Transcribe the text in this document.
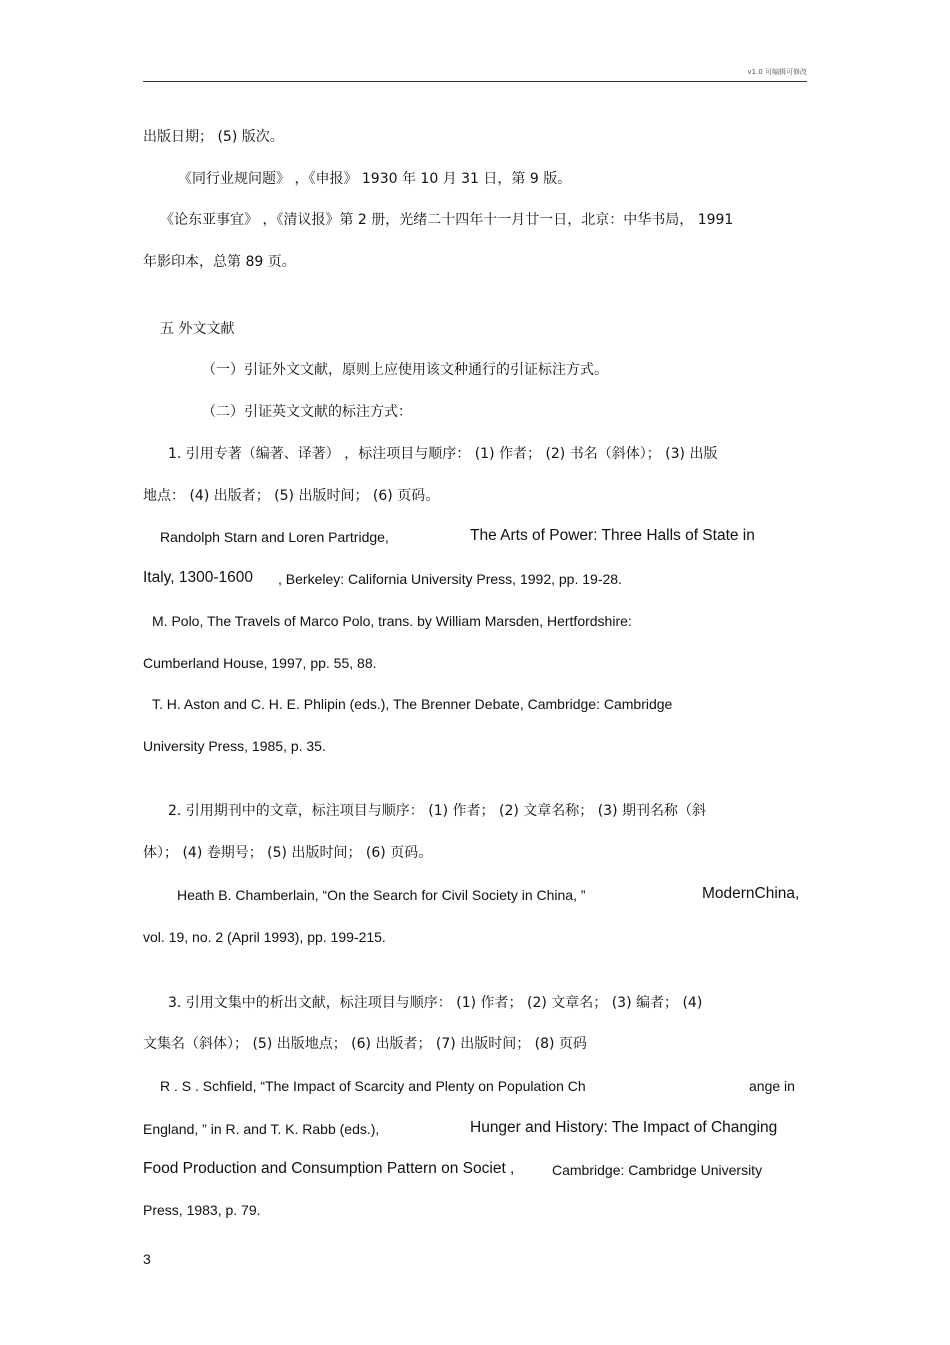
v1.0 可编辑可修改
出版日期； (5) 版次。
《同行业规问题》 ，《申报》 1930 年 10 月 31 日，第 9 版。
《论东亚事宜》 ，《清议报》第 2 册，光绪二十四年十一月廿一日，北京：中华书局， 1991
年影印本，总第 89 页。
五 外文文献
（一）引证外文文献，原则上应使用该文种通行的引证标注方式。
（二）引证英文文献的标注方式：
1. 引用专著（编著、译著） ，标注项目与顺序： (1) 作者； (2) 书名（斜体）； (3) 出版
地点： (4) 出版者； (5) 出版时间； (6) 页码。
Randolph Starn and Loren Partridge,	The Arts of Power: Three Halls of State in
Italy, 1300-1600	, Berkeley: California University Press, 1992, pp. 19-28.
M. Polo, The Travels of Marco Polo, trans. by William Marsden, Hertfordshire:
Cumberland House, 1997, pp. 55, 88.
T. H. Aston and C. H. E. Phlipin (eds.), The Brenner Debate, Cambridge: Cambridge
University Press, 1985, p. 35.
2. 引用期刊中的文章，标注项目与顺序： (1) 作者； (2) 文章名称； (3) 期刊名称（斜
体）； (4) 卷期号； (5) 出版时间； (6) 页码。
Heath B. Chamberlain, “On the Search for Civil Society in China, ”	ModernChina,
vol. 19, no. 2 (April 1993), pp. 199-215.
3. 引用文集中的析出文献，标注项目与顺序： (1) 作者； (2) 文章名； (3) 编者； (4)
文集名（斜体）； (5) 出版地点； (6) 出版者； (7) 出版时间； (8) 页码
R . S . Schfield, “The Impact of Scarcity and Plenty on Population Ch	ange in
England, ” in R. and T. K. Rabb (eds.),	Hunger and History: The Impact of Changing
Food Production and Consumption Pattern on Societ ,	Cambridge: Cambridge University
Press, 1983, p. 79.
3
